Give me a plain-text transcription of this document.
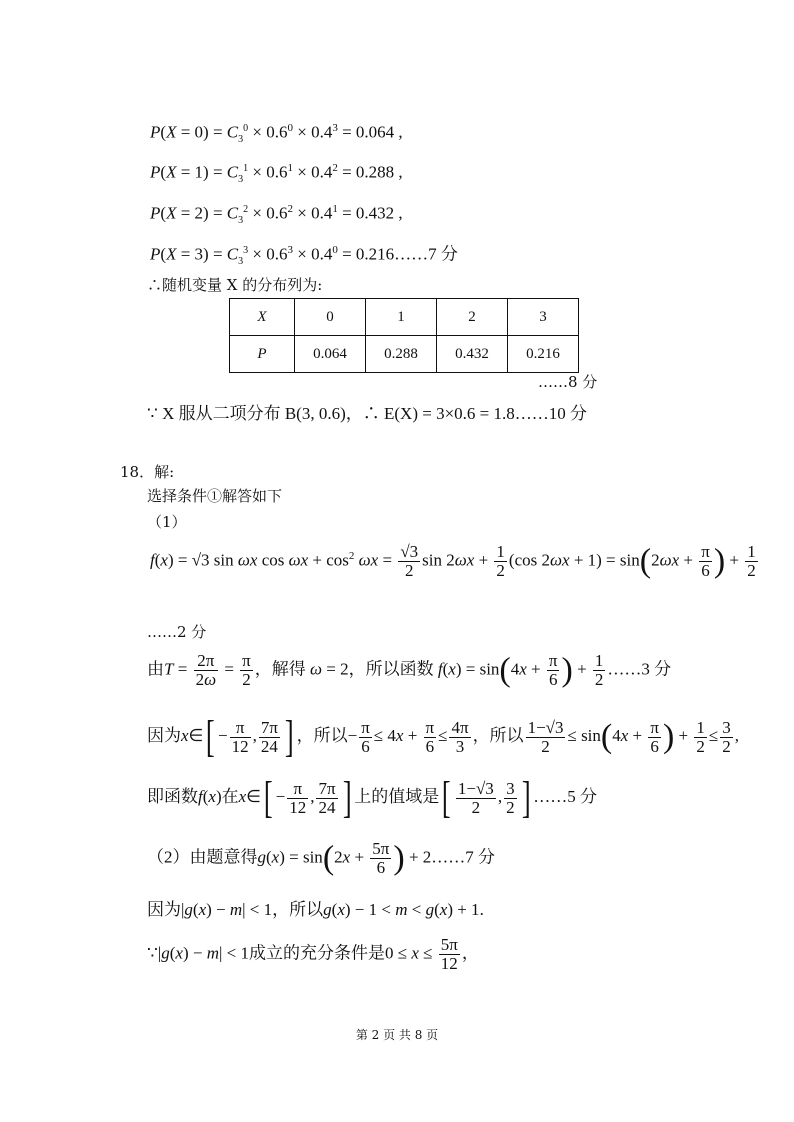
$P(X = 0) = C_3^0 \times 0.6^0 \times 0.4^3 = 0.064$ ,
$P(X = 1) = C_3^1 \times 0.6^1 \times 0.4^2 = 0.288$ ,
$P(X = 2) = C_3^2 \times 0.6^2 \times 0.4^1 = 0.432$ ,
$P(X = 3) = C_3^3 \times 0.6^3 \times 0.4^0$ = 0.216……7 分
∴随机变量 X 的分布列为:
X	0	1	2	3
P	0.064	0.288	0.432	0.216
……8 分
∵ X 服从二项分布 B(3, 0.6)，∴ E(X) = 3×0.6 = 1.8……10 分
18．解:
选择条件①解答如下
（1）
f(x) = √3 sin ωx $\cos \omega x + \cos^2 \omega x = \frac{√3}{2}$ $\sin 2\omega x + \frac{1}{2} (\cos$ $2\omega x + 1) = \sin(2\omega x + \frac{\pi}{6}$ ) + $\frac{1}{2}$
……2 分
由$T = \frac{2\pi}{2\omega} = \frac{\pi}{2}$ ，解得 ω = 2，所以函数 $f(x) = \sin(4x + \frac{\pi}{6}$ ) + $\frac{1}{2}$ ……3 分
因为x∈[ − $\frac{\pi}{12}$ , $\frac{7\pi}{24}$ ] ，所以− $\frac{\pi}{6} \le 4x + \frac{\pi}{6} \le \frac{4\pi}{3}$ ，所以 $\frac{1-√3}{2} \le \sin(4x + \frac{\pi}{6}$ ) + $\frac{1}{2} \le \frac{3}{2}$ ,
即函数f(x)在x∈[ − $\frac{\pi}{12}$ , $\frac{7\pi}{24}$ ] 上的值域是[ $\frac{1-√3}{2}$ , $\frac{3}{2}$ ] ……5 分
（2）由题意得$g(x) = \sin(2x + \frac{5\pi}{6}$ ) + 2……7 分
因为|g(x) − m| < 1，所以g(x) − 1 < m < g(x) + 1.
∵|g(x) − m| < 1成立的充分条件是$0 \le x \le \frac{5\pi}{12}$ ，
第 2 页 共 8 页
